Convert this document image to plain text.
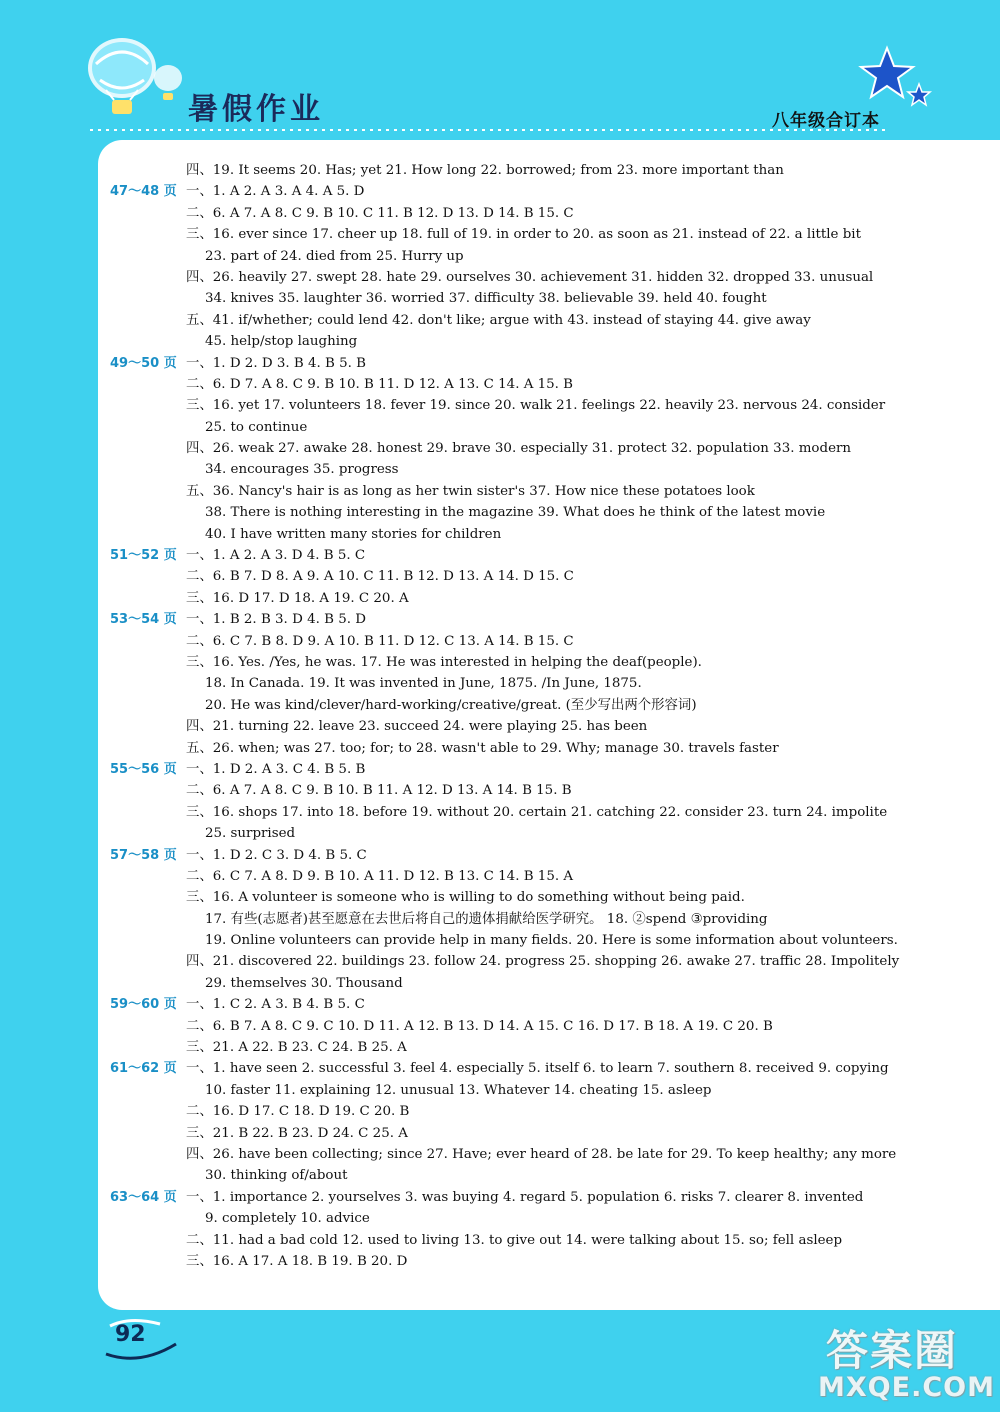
暑假作业	八年级合订本
四、19. It seems 20. Has; yet 21. How long 22. borrowed; from 23. more important than
47～48 页 一、1. A 2. A 3. A 4. A 5. D
二、6. A 7. A 8. C 9. B 10. C 11. B 12. D 13. D 14. B 15. C
三、16. ever since 17. cheer up 18. full of 19. in order to 20. as soon as 21. instead of 22. a little bit
23. part of 24. died from 25. Hurry up
四、26. heavily 27. swept 28. hate 29. ourselves 30. achievement 31. hidden 32. dropped 33. unusual
34. knives 35. laughter 36. worried 37. difficulty 38. believable 39. held 40. fought
五、41. if/whether; could lend 42. don't like; argue with 43. instead of staying 44. give away
45. help/stop laughing
49～50 页 一、1. D 2. D 3. B 4. B 5. B
二、6. D 7. A 8. C 9. B 10. B 11. D 12. A 13. C 14. A 15. B
三、16. yet 17. volunteers 18. fever 19. since 20. walk 21. feelings 22. heavily 23. nervous 24. consider
25. to continue
四、26. weak 27. awake 28. honest 29. brave 30. especially 31. protect 32. population 33. modern
34. encourages 35. progress
五、36. Nancy's hair is as long as her twin sister's 37. How nice these potatoes look
38. There is nothing interesting in the magazine 39. What does he think of the latest movie
40. I have written many stories for children
51～52 页 一、1. A 2. A 3. D 4. B 5. C
二、6. B 7. D 8. A 9. A 10. C 11. B 12. D 13. A 14. D 15. C
三、16. D 17. D 18. A 19. C 20. A
53～54 页 一、1. B 2. B 3. D 4. B 5. D
二、6. C 7. B 8. D 9. A 10. B 11. D 12. C 13. A 14. B 15. C
三、16. Yes. /Yes, he was. 17. He was interested in helping the deaf(people).
18. In Canada. 19. It was invented in June, 1875. /In June, 1875.
20. He was kind/clever/hard-working/creative/great. (至少写出两个形容词)
四、21. turning 22. leave 23. succeed 24. were playing 25. has been
五、26. when; was 27. too; for; to 28. wasn't able to 29. Why; manage 30. travels faster
55～56 页 一、1. D 2. A 3. C 4. B 5. B
二、6. A 7. A 8. C 9. B 10. B 11. A 12. D 13. A 14. B 15. B
三、16. shops 17. into 18. before 19. without 20. certain 21. catching 22. consider 23. turn 24. impolite
25. surprised
57～58 页 一、1. D 2. C 3. D 4. B 5. C
二、6. C 7. A 8. D 9. B 10. A 11. D 12. B 13. C 14. B 15. A
三、16. A volunteer is someone who is willing to do something without being paid.
17. 有些(志愿者)甚至愿意在去世后将自己的遗体捐献给医学研究。 18. ②spend ③providing
19. Online volunteers can provide help in many fields. 20. Here is some information about volunteers.
四、21. discovered 22. buildings 23. follow 24. progress 25. shopping 26. awake 27. traffic 28. Impolitely
29. themselves 30. Thousand
59～60 页 一、1. C 2. A 3. B 4. B 5. C
二、6. B 7. A 8. C 9. C 10. D 11. A 12. B 13. D 14. A 15. C 16. D 17. B 18. A 19. C 20. B
三、21. A 22. B 23. C 24. B 25. A
61～62 页 一、1. have seen 2. successful 3. feel 4. especially 5. itself 6. to learn 7. southern 8. received 9. copying
10. faster 11. explaining 12. unusual 13. Whatever 14. cheating 15. asleep
二、16. D 17. C 18. D 19. C 20. B
三、21. B 22. B 23. D 24. C 25. A
四、26. have been collecting; since 27. Have; ever heard of 28. be late for 29. To keep healthy; any more
30. thinking of/about
63～64 页 一、1. importance 2. yourselves 3. was buying 4. regard 5. population 6. risks 7. clearer 8. invented
9. completely 10. advice
二、11. had a bad cold 12. used to living 13. to give out 14. were talking about 15. so; fell asleep
三、16. A 17. A 18. B 19. B 20. D
92	答案圈
MXQE.COM
